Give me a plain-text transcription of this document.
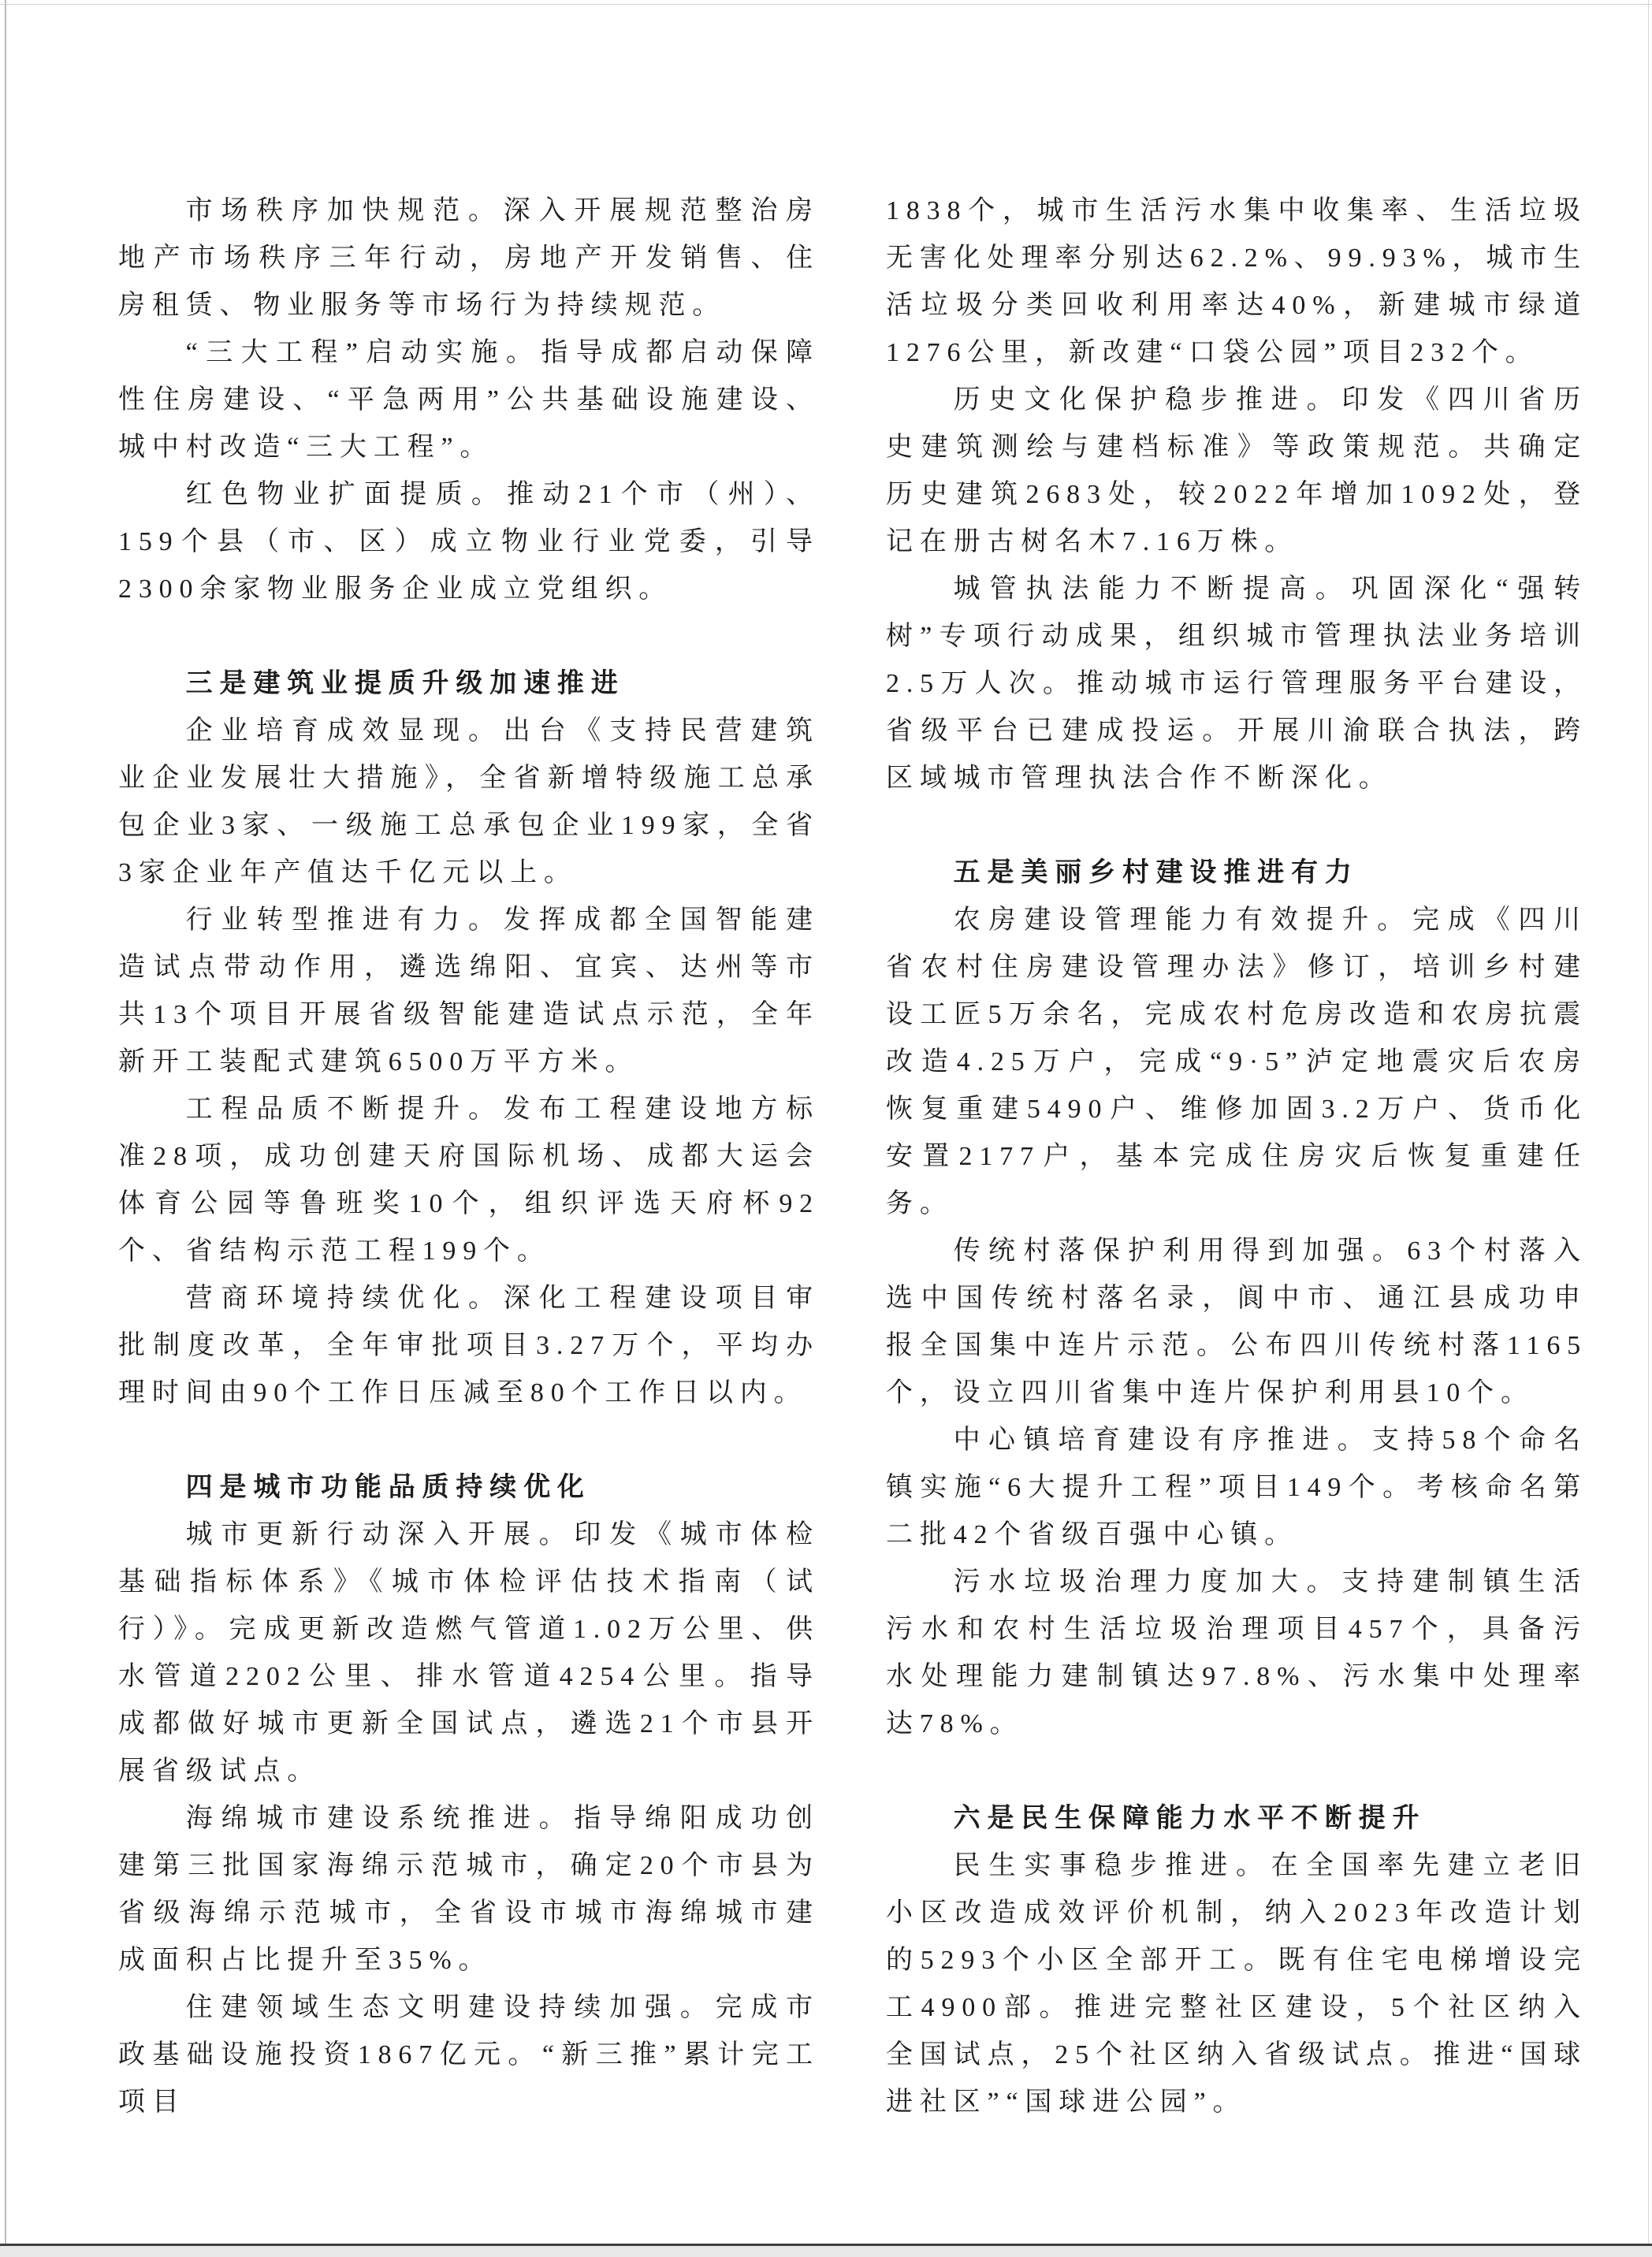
市场秩序加快规范。深入开展规范整治房地产市场秩序三年行动，房地产开发销售、住房租赁、物业服务等市场行为持续规范。

“三大工程”启动实施。指导成都启动保障性住房建设、“平急两用”公共基础设施建设、城中村改造“三大工程”。

红色物业扩面提质。推动21个市（州）、159个县（市、区）成立物业行业党委，引导2300余家物业服务企业成立党组织。

三是建筑业提质升级加速推进

企业培育成效显现。出台《支持民营建筑业企业发展壮大措施》，全省新增特级施工总承包企业3家、一级施工总承包企业199家，全省3家企业年产值达千亿元以上。

行业转型推进有力。发挥成都全国智能建造试点带动作用，遴选绵阳、宜宾、达州等市共13个项目开展省级智能建造试点示范，全年新开工装配式建筑6500万平方米。

工程品质不断提升。发布工程建设地方标准28项，成功创建天府国际机场、成都大运会体育公园等鲁班奖10个，组织评选天府杯92个、省结构示范工程199个。

营商环境持续优化。深化工程建设项目审批制度改革，全年审批项目3.27万个，平均办理时间由90个工作日压减至80个工作日以内。

四是城市功能品质持续优化

城市更新行动深入开展。印发《城市体检基础指标体系》《城市体检评估技术指南（试行）》。完成更新改造燃气管道1.02万公里、供水管道2202公里、排水管道4254公里。指导成都做好城市更新全国试点，遴选21个市县开展省级试点。

海绵城市建设系统推进。指导绵阳成功创建第三批国家海绵示范城市，确定20个市县为省级海绵示范城市，全省设市城市海绵城市建成面积占比提升至35%。

住建领域生态文明建设持续加强。完成市政基础设施投资1867亿元。“新三推”累计完工项目

1838个，城市生活污水集中收集率、生活垃圾无害化处理率分别达62.2%、99.93%，城市生活垃圾分类回收利用率达40%，新建城市绿道1276公里，新改建“口袋公园”项目232个。

历史文化保护稳步推进。印发《四川省历史建筑测绘与建档标准》等政策规范。共确定历史建筑2683处，较2022年增加1092处，登记在册古树名木7.16万株。

城管执法能力不断提高。巩固深化“强转树”专项行动成果，组织城市管理执法业务培训2.5万人次。推动城市运行管理服务平台建设，省级平台已建成投运。开展川渝联合执法，跨区域城市管理执法合作不断深化。

五是美丽乡村建设推进有力

农房建设管理能力有效提升。完成《四川省农村住房建设管理办法》修订，培训乡村建设工匠5万余名，完成农村危房改造和农房抗震改造4.25万户，完成“9·5”泸定地震灾后农房恢复重建5490户、维修加固3.2万户、货币化安置2177户，基本完成住房灾后恢复重建任务。

传统村落保护利用得到加强。63个村落入选中国传统村落名录，阆中市、通江县成功申报全国集中连片示范。公布四川传统村落1165个，设立四川省集中连片保护利用县10个。

中心镇培育建设有序推进。支持58个命名镇实施“6大提升工程”项目149个。考核命名第二批42个省级百强中心镇。

污水垃圾治理力度加大。支持建制镇生活污水和农村生活垃圾治理项目457个，具备污水处理能力建制镇达97.8%、污水集中处理率达78%。

六是民生保障能力水平不断提升

民生实事稳步推进。在全国率先建立老旧小区改造成效评价机制，纳入2023年改造计划的5293个小区全部开工。既有住宅电梯增设完工4900部。推进完整社区建设，5个社区纳入全国试点，25个社区纳入省级试点。推进“国球进社区”“国球进公园”。
